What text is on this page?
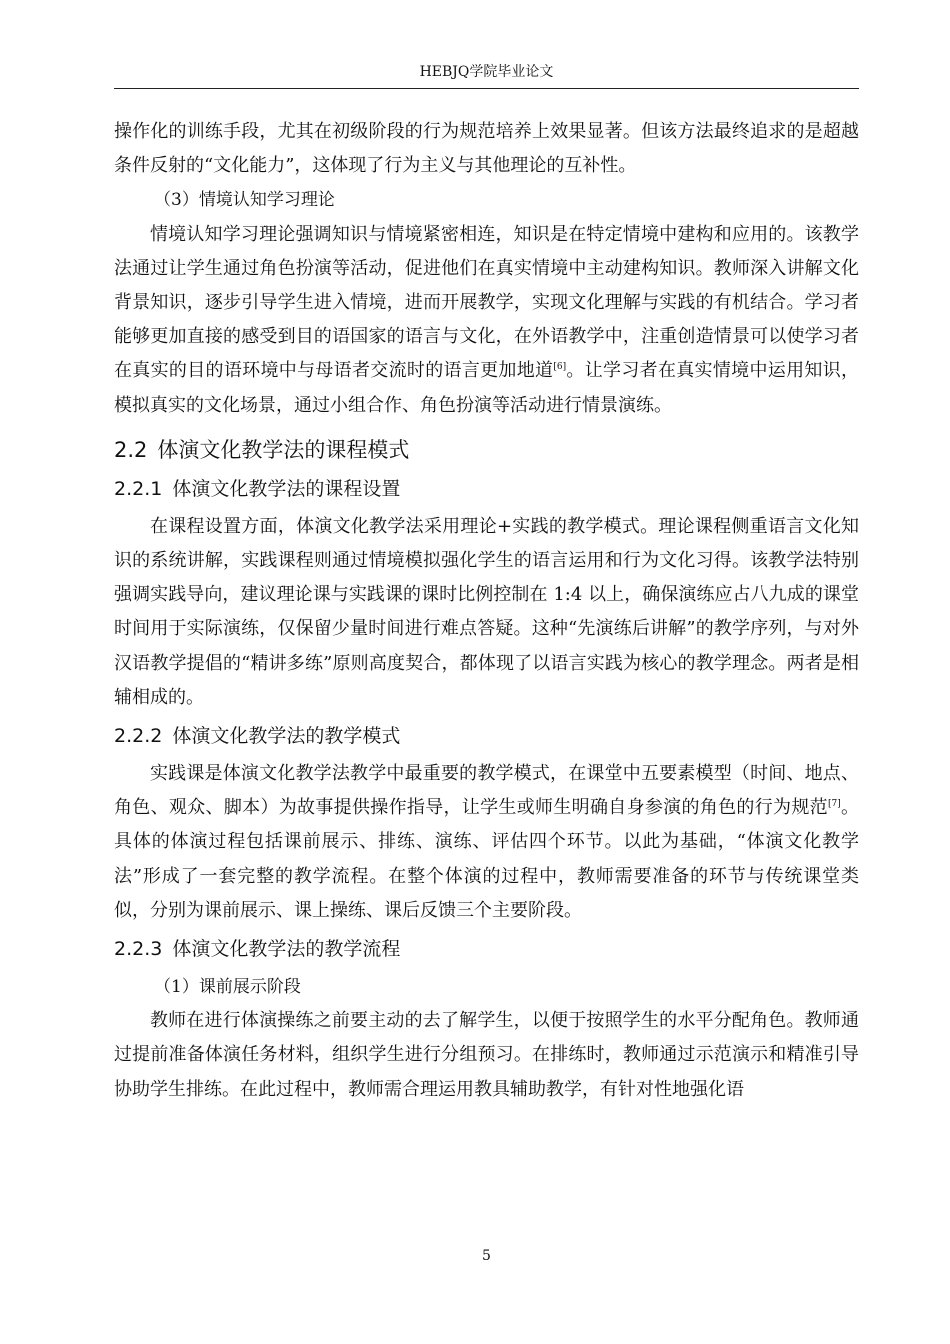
HEBJQ学院毕业论文

操作化的训练手段，尤其在初级阶段的行为规范培养上效果显著。但该方法最终追求的是超越条件反射的“文化能力”，这体现了行为主义与其他理论的互补性。

（3）情境认知学习理论

情境认知学习理论强调知识与情境紧密相连，知识是在特定情境中建构和应用的。该教学法通过让学生通过角色扮演等活动，促进他们在真实情境中主动建构知识。教师深入讲解文化背景知识，逐步引导学生进入情境，进而开展教学，实现文化理解与实践的有机结合。学习者能够更加直接的感受到目的语国家的语言与文化，在外语教学中，注重创造情景可以使学习者在真实的目的语环境中与母语者交流时的语言更加地道[6]。让学习者在真实情境中运用知识，模拟真实的文化场景，通过小组合作、角色扮演等活动进行情景演练。

2.2 体演文化教学法的课程模式
2.2.1 体演文化教学法的课程设置

在课程设置方面，体演文化教学法采用理论+实践的教学模式。理论课程侧重语言文化知识的系统讲解，实践课程则通过情境模拟强化学生的语言运用和行为文化习得。该教学法特别强调实践导向，建议理论课与实践课的课时比例控制在 1:4 以上，确保演练应占八九成的课堂时间用于实际演练，仅保留少量时间进行难点答疑。这种“先演练后讲解”的教学序列，与对外汉语教学提倡的“精讲多练”原则高度契合，都体现了以语言实践为核心的教学理念。两者是相辅相成的。

2.2.2 体演文化教学法的教学模式

实践课是体演文化教学法教学中最重要的教学模式，在课堂中五要素模型（时间、地点、角色、观众、脚本）为故事提供操作指导，让学生或师生明确自身参演的角色的行为规范[7]。具体的体演过程包括课前展示、排练、演练、评估四个环节。以此为基础，“体演文化教学法”形成了一套完整的教学流程。在整个体演的过程中，教师需要准备的环节与传统课堂类似，分别为课前展示、课上操练、课后反馈三个主要阶段。

2.2.3 体演文化教学法的教学流程

（1）课前展示阶段

教师在进行体演操练之前要主动的去了解学生，以便于按照学生的水平分配角色。教师通过提前准备体演任务材料，组织学生进行分组预习。在排练时，教师通过示范演示和精准引导协助学生排练。在此过程中，教师需合理运用教具辅助教学，有针对性地强化语

5
